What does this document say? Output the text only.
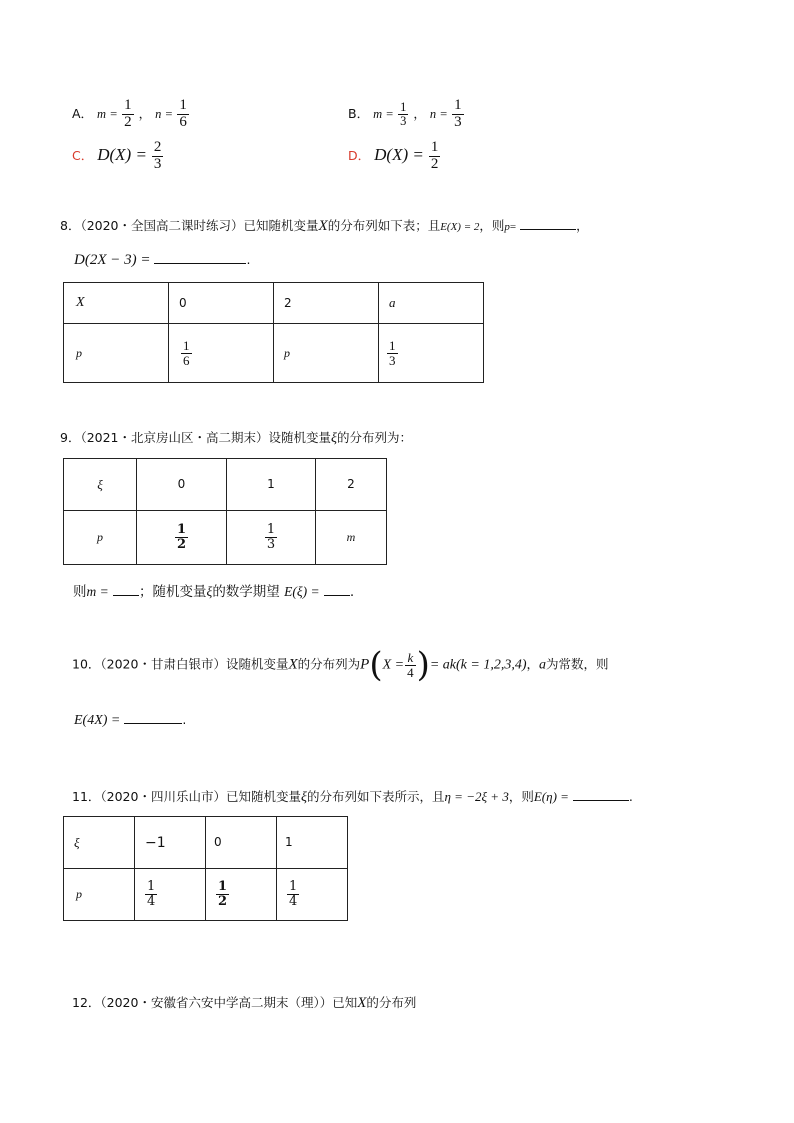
A． $m = \frac{1}{2}$ ， $n = \frac{1}{6}$	B． $m = \frac{1}{3}$ ， $n = \frac{1}{3}$
C． $D(X) = \frac{2}{3}$	D． $D(X) = \frac{1}{2}$
8．（2020・全国高二课时练习）已知随机变量X的分布列如下表；且E(X) = 2，则p=	，
D(2X − 3) =	.
X	0	2	a
p	$\frac{1}{6}$	p	$\frac{1}{3}$
9．（2021・北京房山区・高二期末）设随机变量ξ的分布列为：
ξ	0	1	2
p	$\frac{1}{2}$	$\frac{1}{3}$	m
则m = ；随机变量ξ的数学期望 E(ξ) = .
10．（2020・甘肃白银市）设随机变量X的分布列为$P(X = \frac{k}{4}$ )= ak(k = 1,2,3,4)，a为常数，则
E(4X) =	.
11．（2020・四川乐山市）已知随机变量ξ的分布列如下表所示，且η = −2ξ + 3，则E(η) =	.
ξ	−1	0	1
p	$\frac{1}{4}$	$\frac{1}{2}$	$\frac{1}{4}$
12．（2020・安徽省六安中学高二期末（理））已知X的分布列
